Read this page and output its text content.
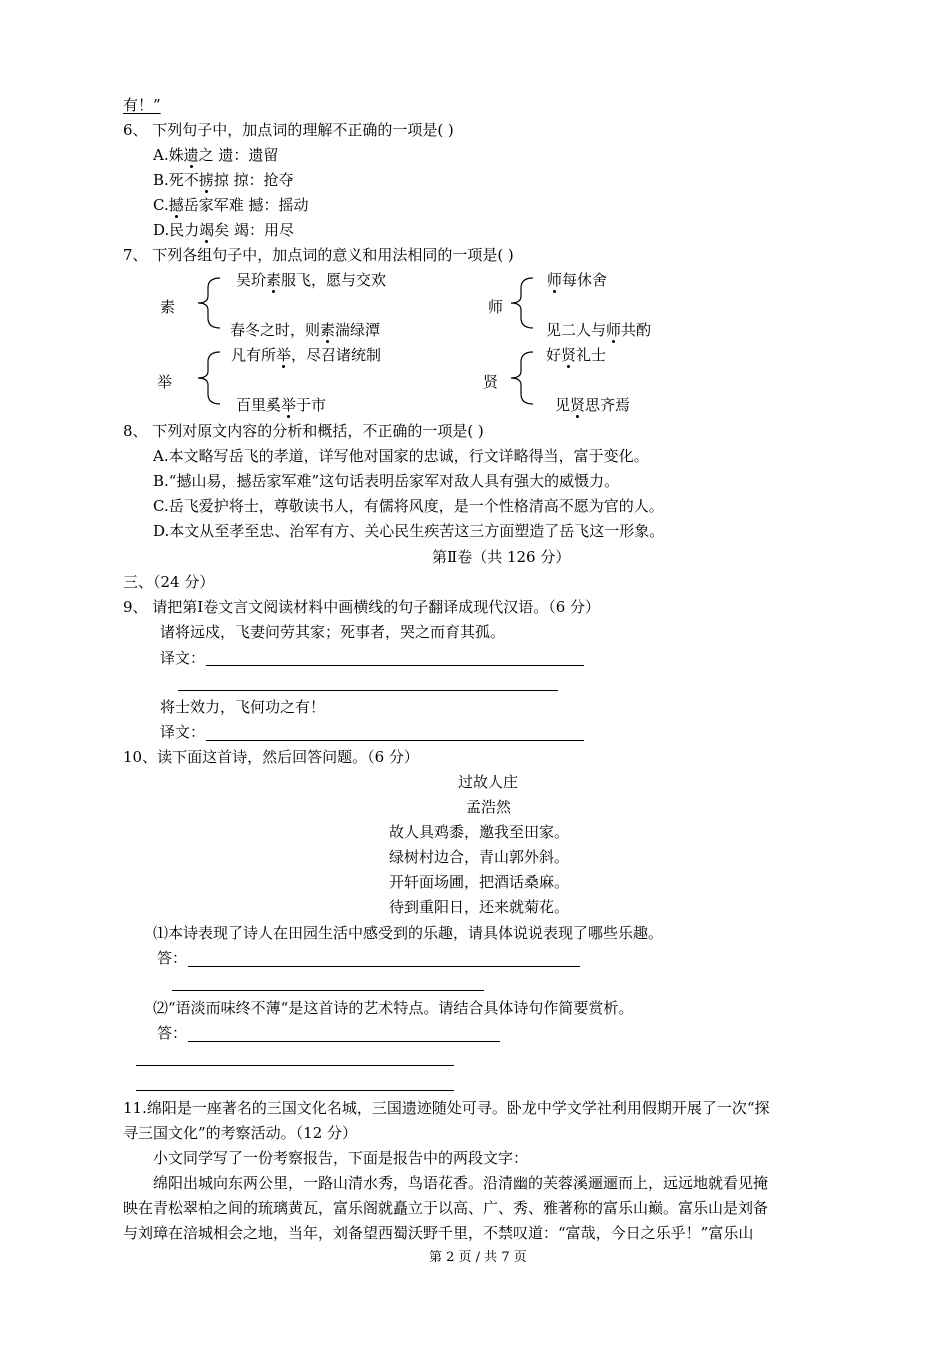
有！”
6、 下列句子中，加点词的理解不正确的一项是( )
A.姝遗之 遗：遗留
B.死不掳掠 掠：抢夺
C.撼岳家军难 撼：摇动
D.民力竭矣 竭：用尽
7、 下列各组句子中，加点词的意义和用法相同的一项是( )
素
吴玠素服飞，愿与交欢
春冬之时，则素湍绿潭
师
师每休舍
见二人与师共酌
举
凡有所举，尽召诸统制
百里奚举于市
贤
好贤礼士
见贤思齐焉
8、 下列对原文内容的分析和概括，不正确的一项是( )
A.本文略写岳飞的孝道，详写他对国家的忠诚，行文详略得当，富于变化。
B.“撼山易，撼岳家军难”这句话表明岳家军对敌人具有强大的威慑力。
C.岳飞爱护将士，尊敬读书人，有儒将风度，是一个性格清高不愿为官的人。
D.本文从至孝至忠、治军有方、关心民生疾苦这三方面塑造了岳飞这一形象。
第Ⅱ卷（共 126 分）
三、（24 分）
9、 请把第Ⅰ卷文言文阅读材料中画横线的句子翻译成现代汉语。（6 分）
诸将远戍，飞妻问劳其家；死事者，哭之而育其孤。
译文：
将士效力，飞何功之有！
译文：
10、读下面这首诗，然后回答问题。（6 分）
过故人庄
孟浩然
故人具鸡黍，邀我至田家。
绿树村边合，青山郭外斜。
开轩面场圃，把酒话桑麻。
待到重阳日，还来就菊花。
⑴本诗表现了诗人在田园生活中感受到的乐趣，请具体说说表现了哪些乐趣。
答：
⑵“语淡而味终不薄“是这首诗的艺术特点。请结合具体诗句作简要赏析。
答：
11.绵阳是一座著名的三国文化名城，三国遗迹随处可寻。卧龙中学文学社利用假期开展了一次“探
寻三国文化”的考察活动。（12 分）
小文同学写了一份考察报告，下面是报告中的两段文字：
绵阳出城向东两公里，一路山清水秀，鸟语花香。沿清幽的芙蓉溪逦逦而上，远远地就看见掩
映在青松翠柏之间的琉璃黄瓦，富乐阁就矗立于以高、广、秀、雅著称的富乐山巅。富乐山是刘备
与刘璋在涪城相会之地，当年，刘备望西蜀沃野千里，不禁叹道：“富哉，今日之乐乎！”富乐山
第 2 页 / 共 7 页
